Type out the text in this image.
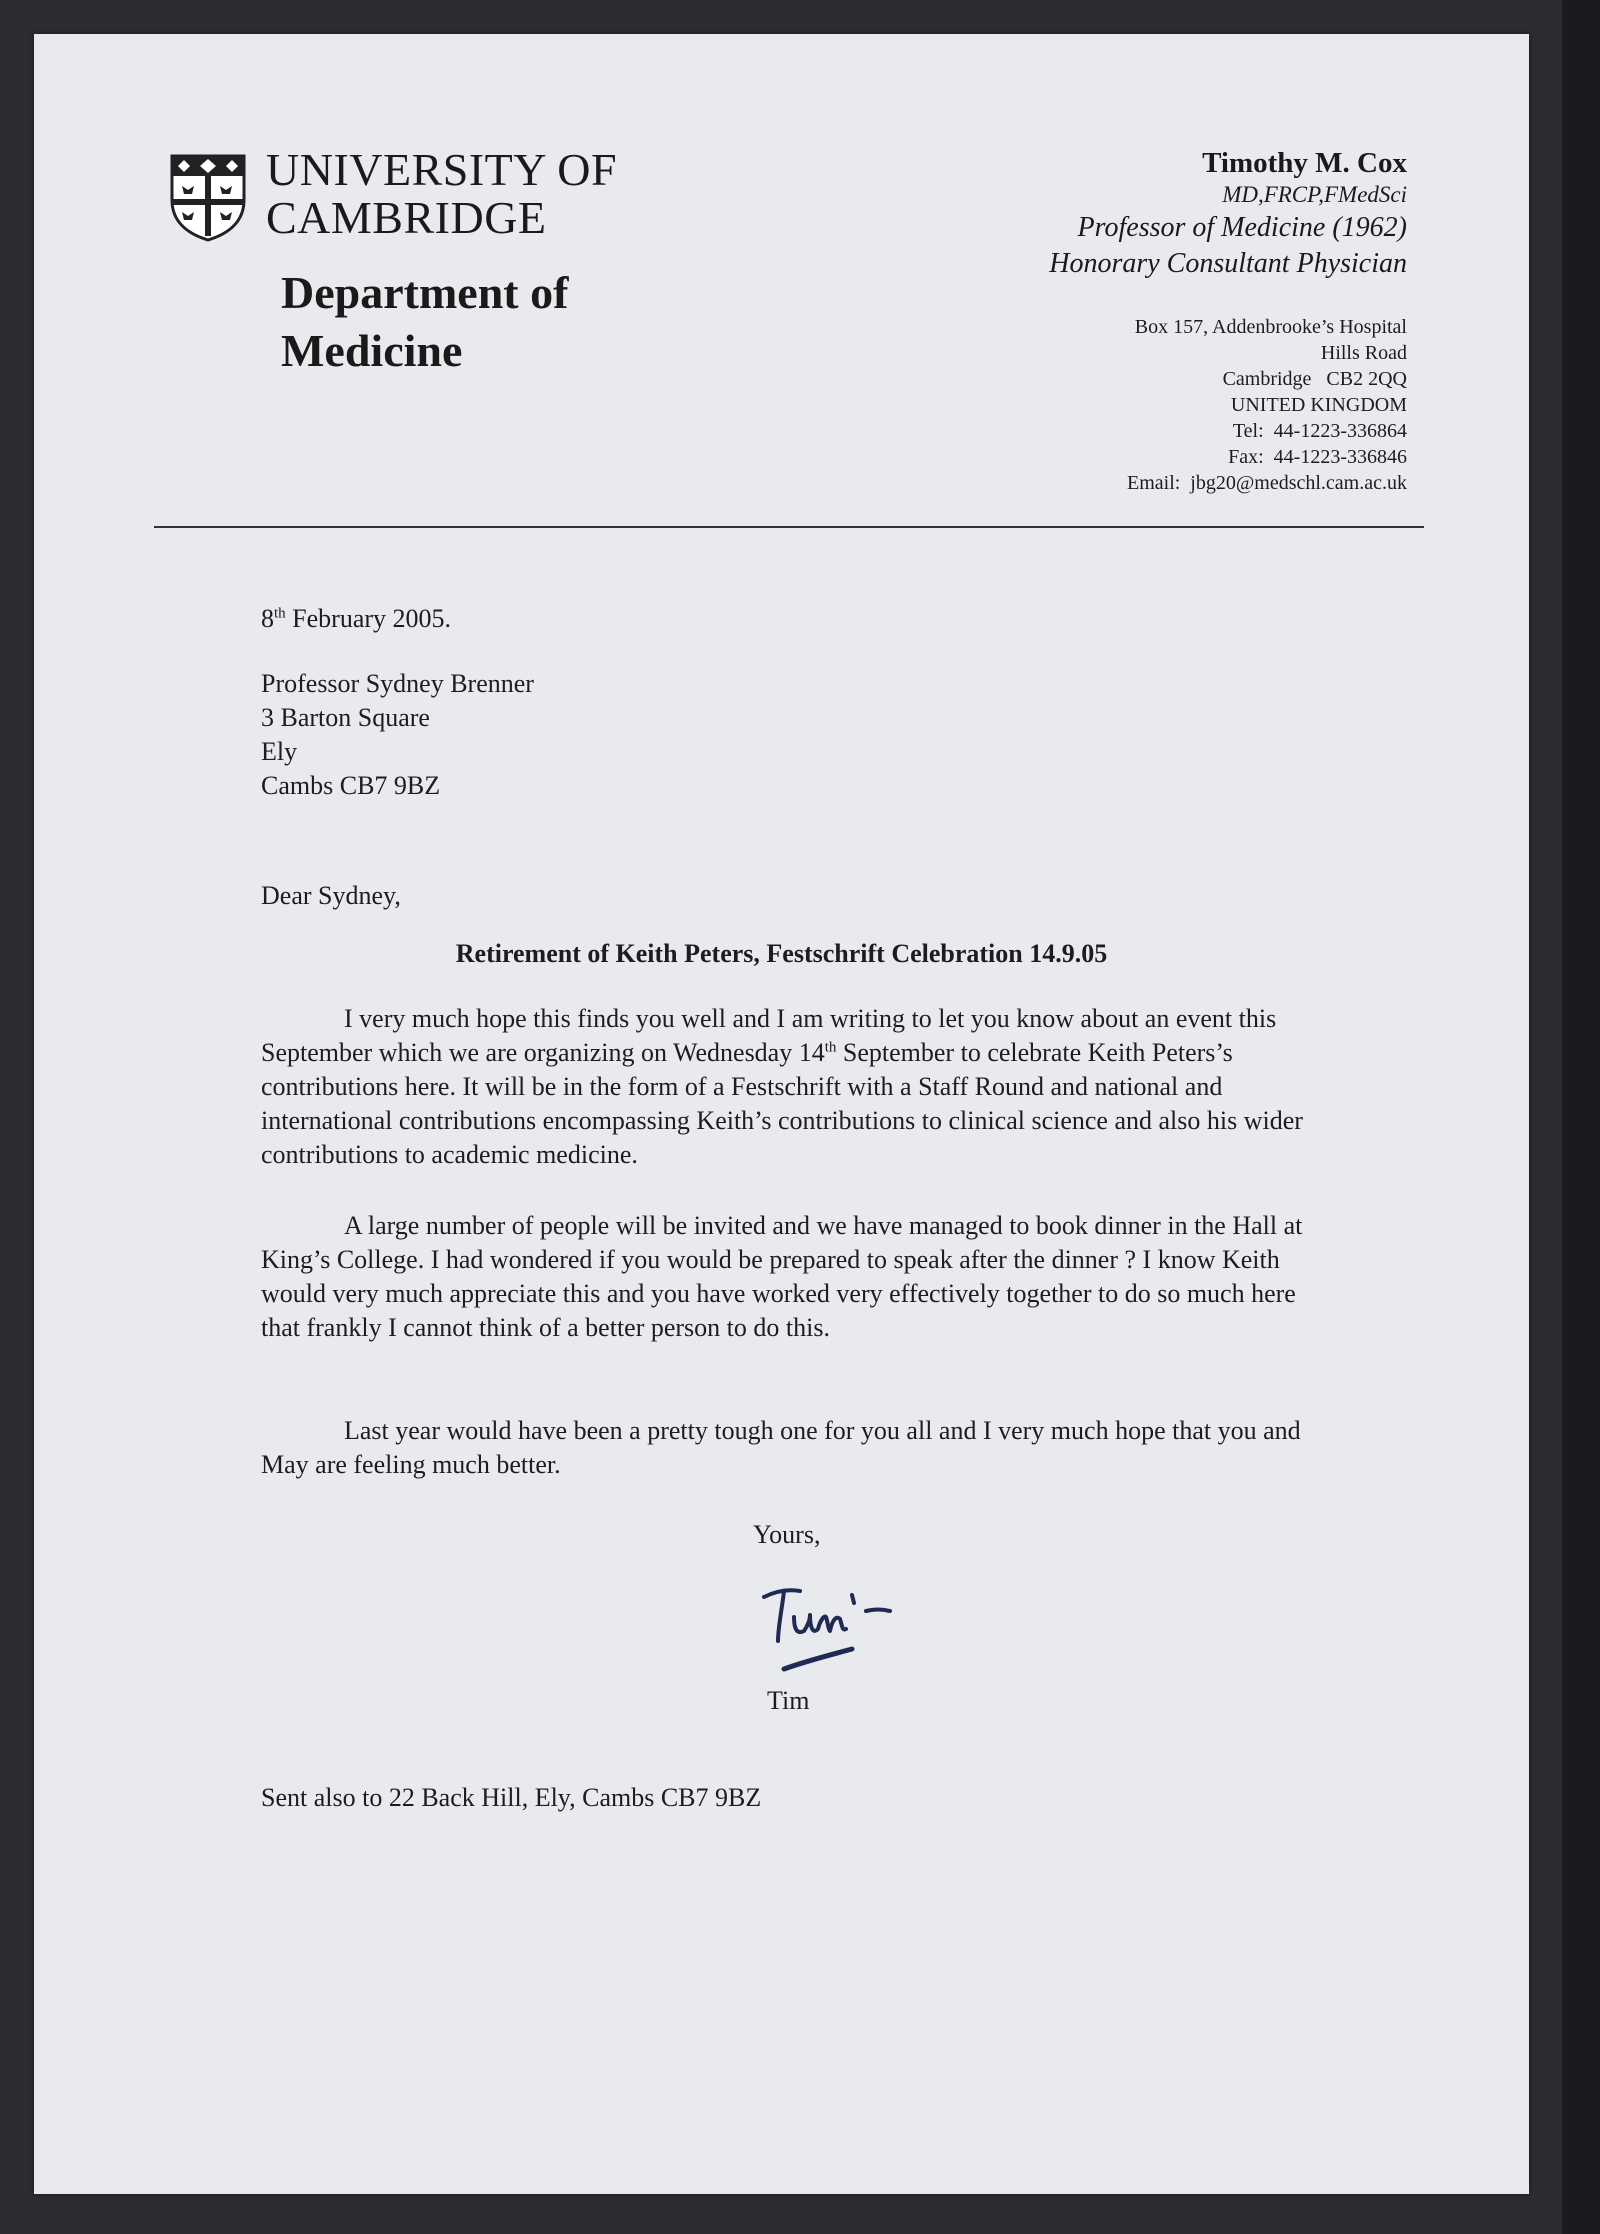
UNIVERSITY OF
CAMBRIDGE
Department of
Medicine
Timothy M. Cox
MD,FRCP,FMedSci
Professor of Medicine (1962)
Honorary Consultant Physician
Box 157, Addenbrooke’s Hospital
Hills Road
Cambridge   CB2 2QQ
UNITED KINGDOM
Tel:  44-1223-336864
Fax:  44-1223-336846
Email:  jbg20@medschl.cam.ac.uk
8th February 2005.
Professor Sydney Brenner
3 Barton Square
Ely
Cambs CB7 9BZ
Dear Sydney,
Retirement of Keith Peters, Festschrift Celebration 14.9.05

I very much hope this finds you well and I am writing to let you know about an event this September which we are organizing on Wednesday 14th September to celebrate Keith Peters’s contributions here. It will be in the form of a Festschrift with a Staff Round and national and international contributions encompassing Keith’s contributions to clinical science and also his wider contributions to academic medicine.

A large number of people will be invited and we have managed to book dinner in the Hall at King’s College. I had wondered if you would be prepared to speak after the dinner ? I know Keith would very much appreciate this and you have worked very effectively together to do so much here that frankly I cannot think of a better person to do this.

Last year would have been a pretty tough one for you all and I very much hope that you and May are feeling much better.

Yours,
Tim
Sent also to 22 Back Hill, Ely, Cambs CB7 9BZ
